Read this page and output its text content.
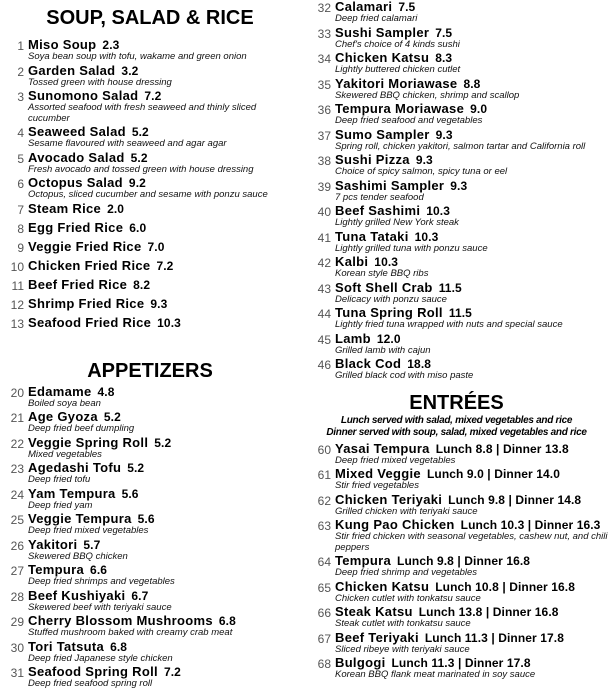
SOUP, SALAD & RICE
1 Miso Soup 2.3
Soya bean soup with tofu, wakame and green onion
2 Garden Salad 3.2
Tossed green with house dressing
3 Sunomono Salad 7.2
Assorted seafood with fresh seaweed and thinly sliced cucumber
4 Seaweed Salad 5.2
Sesame flavoured with seaweed and agar agar
5 Avocado Salad 5.2
Fresh avocado and tossed green with house dressing
6 Octopus Salad 9.2
Octopus, sliced cucumber and sesame with ponzu sauce
7 Steam Rice 2.0
8 Egg Fried Rice 6.0
9 Veggie Fried Rice 7.0
10 Chicken Fried Rice 7.2
11 Beef Fried Rice 8.2
12 Shrimp Fried Rice 9.3
13 Seafood Fried Rice 10.3
APPETIZERS
20 Edamame 4.8
Boiled soya bean
21 Age Gyoza 5.2
Deep fried beef dumpling
22 Veggie Spring Roll 5.2
Mixed vegetables
23 Agedashi Tofu 5.2
Deep fried tofu
24 Yam Tempura 5.6
Deep fried yam
25 Veggie Tempura 5.6
Deep fried mixed vegetables
26 Yakitori 5.7
Skewered BBQ chicken
27 Tempura 6.6
Deep fried shrimps and vegetables
28 Beef Kushiyaki 6.7
Skewered beef with teriyaki sauce
29 Cherry Blossom Mushrooms 6.8
Stuffed mushroom baked with creamy crab meat
30 Tori Tatsuta 6.8
Deep fried Japanese style chicken
31 Seafood Spring Roll 7.2
Deep fried seafood spring roll
32 Calamari 7.5
Deep fried calamari
33 Sushi Sampler 7.5
Chef's choice of 4 kinds sushi
34 Chicken Katsu 8.3
Lightly buttered chicken cutlet
35 Yakitori Moriawase 8.8
Skewered BBQ chicken, shrimp and scallop
36 Tempura Moriawase 9.0
Deep fried seafood and vegetables
37 Sumo Sampler 9.3
Spring roll, chicken yakitori, salmon tartar and California roll
38 Sushi Pizza 9.3
Choice of spicy salmon, spicy tuna or eel
39 Sashimi Sampler 9.3
7 pcs tender seafood
40 Beef Sashimi 10.3
Lightly grilled New York steak
41 Tuna Tataki 10.3
Lightly grilled tuna with ponzu sauce
42 Kalbi 10.3
Korean style BBQ ribs
43 Soft Shell Crab 11.5
Delicacy with ponzu sauce
44 Tuna Spring Roll 11.5
Lightly fried tuna wrapped with nuts and special sauce
45 Lamb 12.0
Grilled lamb with cajun
46 Black Cod 18.8
Grilled black cod with miso paste
ENTRÉES
Lunch served with salad, mixed vegetables and rice
Dinner served with soup, salad, mixed vegetables and rice
60 Yasai Tempura Lunch 8.8 | Dinner 13.8
Deep fried mixed vegetables
61 Mixed Veggie Lunch 9.0 | Dinner 14.0
Stir fried vegetables
62 Chicken Teriyaki Lunch 9.8 | Dinner 14.8
Grilled chicken with teriyaki sauce
63 Kung Pao Chicken Lunch 10.3 | Dinner 16.3
Stir fried chicken with seasonal vegetables, cashew nut, and chili peppers
64 Tempura Lunch 9.8 | Dinner 16.8
Deep fried shrimp and vegetables
65 Chicken Katsu Lunch 10.8 | Dinner 16.8
Chicken cutlet with tonkatsu sauce
66 Steak Katsu Lunch 13.8 | Dinner 16.8
Steak cutlet with tonkatsu sauce
67 Beef Teriyaki Lunch 11.3 | Dinner 17.8
Sliced ribeye with teriyaki sauce
68 Bulgogi Lunch 11.3 | Dinner 17.8
Korean BBQ flank meat marinated in soy sauce
